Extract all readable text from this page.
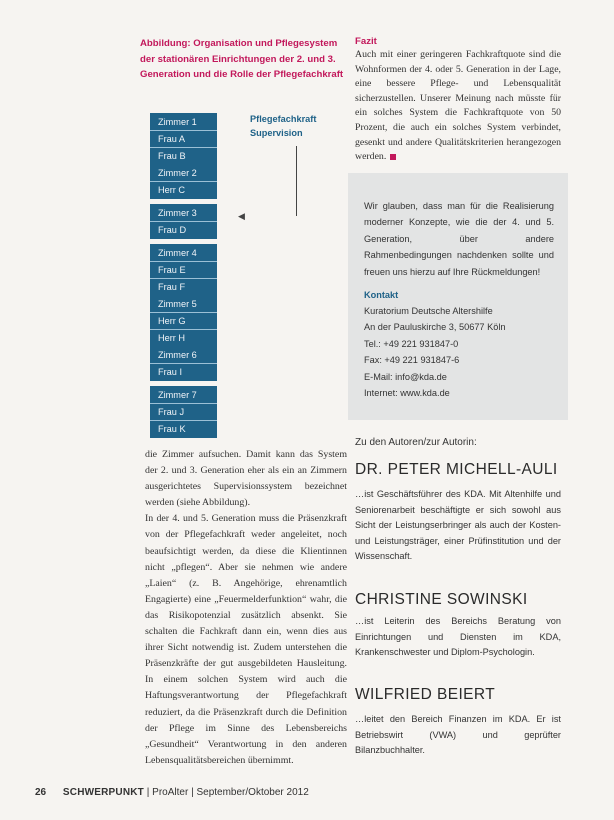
Abbildung: Organisation und Pflegesystem der stationären Einrichtungen der 2. und 3. Generation und die Rolle der Pflegefachkraft
Zimmer 1
Frau A
Frau B
Zimmer 2
Herr C
Zimmer 3
Frau D
Zimmer 4
Frau E
Frau F
Zimmer 5
Herr G
Herr H
Zimmer 6
Frau I
Zimmer 7
Frau J
Frau K
Pflegefachkraft
Supervision
◀

die Zimmer aufsuchen. Damit kann das System der 2. und 3. Generation eher als ein an Zimmern ausgerichtetes Supervisionssystem bezeichnet werden (siehe Abbildung).

In der 4. und 5. Generation muss die Präsenzkraft von der Pflegefachkraft weder angeleitet, noch beaufsichtigt werden, da diese die Klientinnen nicht „pflegen“. Aber sie nehmen wie andere „Laien“ (z. B. Angehörige, ehrenamtlich Engagierte) eine „Feuermelderfunktion“ wahr, die das Risikopotenzial zusätzlich absenkt. Sie schalten die Fachkraft dann ein, wenn dies aus ihrer Sicht notwendig ist. Zudem unterstehen die Präsenzkräfte der gut ausgebildeten Hausleitung. In einem solchen System wird auch die Haftungsverantwortung der Pflegefachkraft reduziert, da die Präsenzkraft durch die Definition der Pflege im Sinne des Lebensbereichs „Gesundheit“ Verantwortung in den anderen Lebensqualitätsbereichen übernimmt.

Fazit
Auch mit einer geringeren Fachkraftquote sind die Wohnformen der 4. oder 5. Generation in der Lage, eine bessere Pflege- und Lebensqualität sicherzustellen. Unserer Meinung nach müsste für ein solches System die Fachkraftquote von 50 Prozent, die auch ein solches System verbindet, gesenkt und andere Qualitätskriterien herangezogen werden.
Wir glauben, dass man für die Realisierung moderner Konzepte, wie die der 4. und 5. Generation, über andere Rahmenbedingungen nachdenken sollte und freuen uns hierzu auf Ihre Rückmeldungen!
Kontakt
Kuratorium Deutsche Altershilfe
An der Pauluskirche 3, 50677 Köln
Tel.: +49 221 931847-0
Fax: +49 221 931847-6
E-Mail: info@kda.de
Internet: www.kda.de
Zu den Autoren/zur Autorin:
DR. PETER MICHELL-AULI
…ist Geschäftsführer des KDA. Mit Altenhilfe und Seniorenarbeit beschäftigte er sich sowohl aus Sicht der Leistungserbringer als auch der Kosten- und Leistungsträger, einer Prüfinstitution und der Wissenschaft.
CHRISTINE SOWINSKI
…ist Leiterin des Bereichs Beratung von Einrichtungen und Diensten im KDA, Krankenschwester und Diplom-Psychologin.
WILFRIED BEIERT
…leitet den Bereich Finanzen im KDA. Er ist Betriebswirt (VWA) und geprüfter Bilanzbuchhalter.
26 SCHWERPUNKT | ProAlter | September/Oktober 2012
